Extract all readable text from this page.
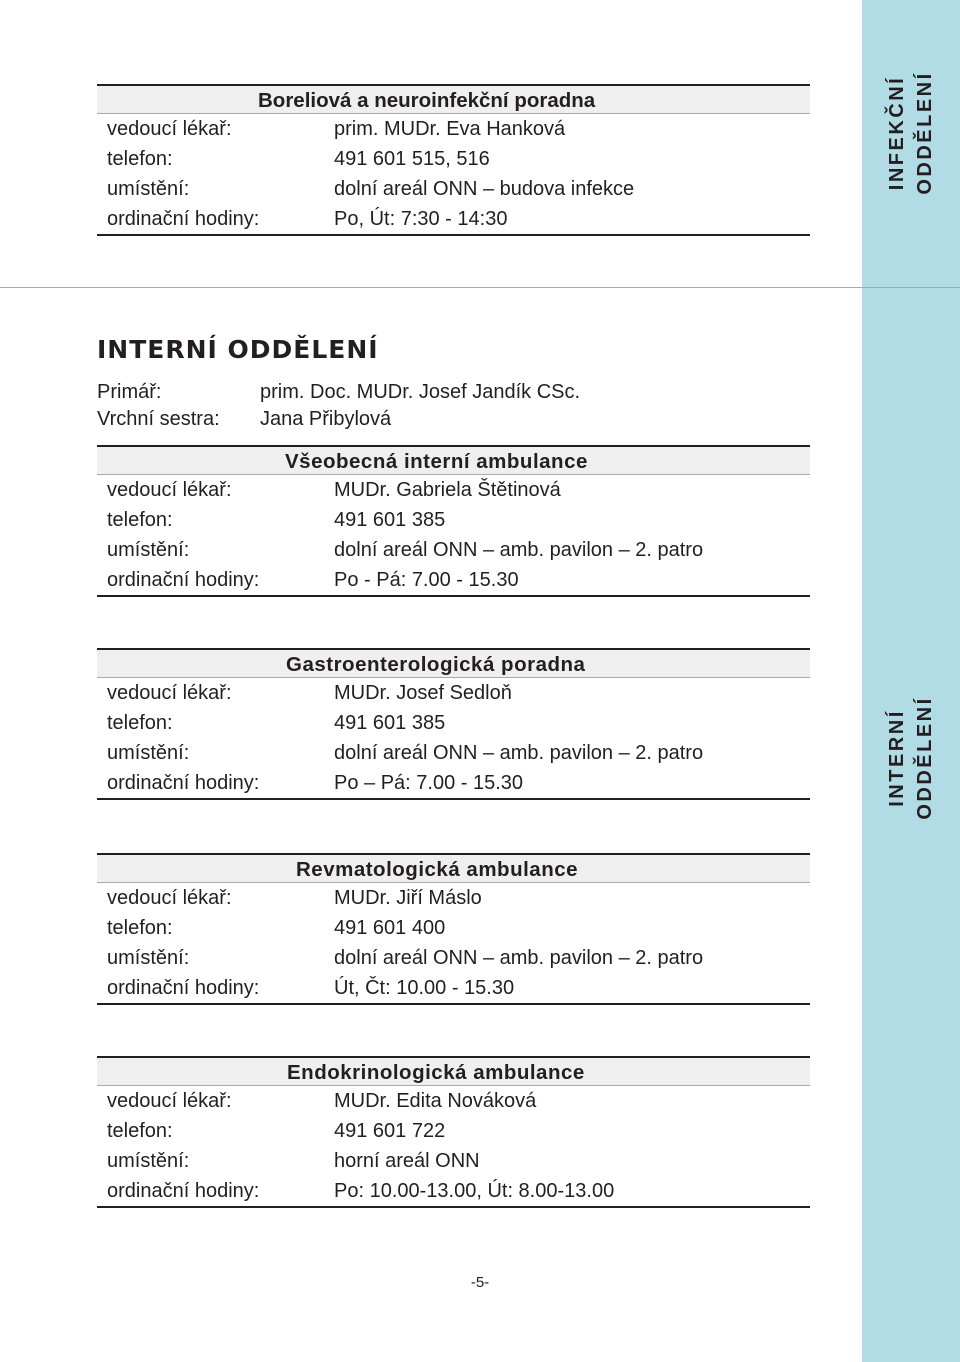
INFEKČNÍ ODDĚLENÍ
INTERNÍ ODDĚLENÍ
Boreliová a neuroinfekční poradna
vedoucí lékař:	prim. MUDr. Eva Hanková
telefon:	491 601 515, 516
umístění:	dolní areál ONN – budova infekce
ordinační hodiny:	Po, Út: 7:30 - 14:30
INTERNÍ ODDĚLENÍ
Primář:	prim. Doc. MUDr. Josef Jandík CSc.
Vrchní sestra: Jana Přibylová
Všeobecná interní ambulance
vedoucí lékař:	MUDr. Gabriela Štětinová
telefon:	491 601 385
umístění:	dolní areál ONN – amb. pavilon – 2. patro
ordinační hodiny:	Po - Pá: 7.00 - 15.30
Gastroenterologická poradna
vedoucí lékař:	MUDr. Josef Sedloň
telefon:	491 601 385
umístění:	dolní areál ONN – amb. pavilon – 2. patro
ordinační hodiny:	Po – Pá: 7.00 - 15.30
Revmatologická ambulance
vedoucí lékař:	MUDr. Jiří Máslo
telefon:	491 601 400
umístění:	dolní areál ONN – amb. pavilon – 2. patro
ordinační hodiny:	Út, Čt: 10.00 - 15.30
Endokrinologická ambulance
vedoucí lékař:	MUDr. Edita Nováková
telefon:	491 601 722
umístění:	horní areál ONN
ordinační hodiny:	Po: 10.00-13.00, Út: 8.00-13.00
-5-
